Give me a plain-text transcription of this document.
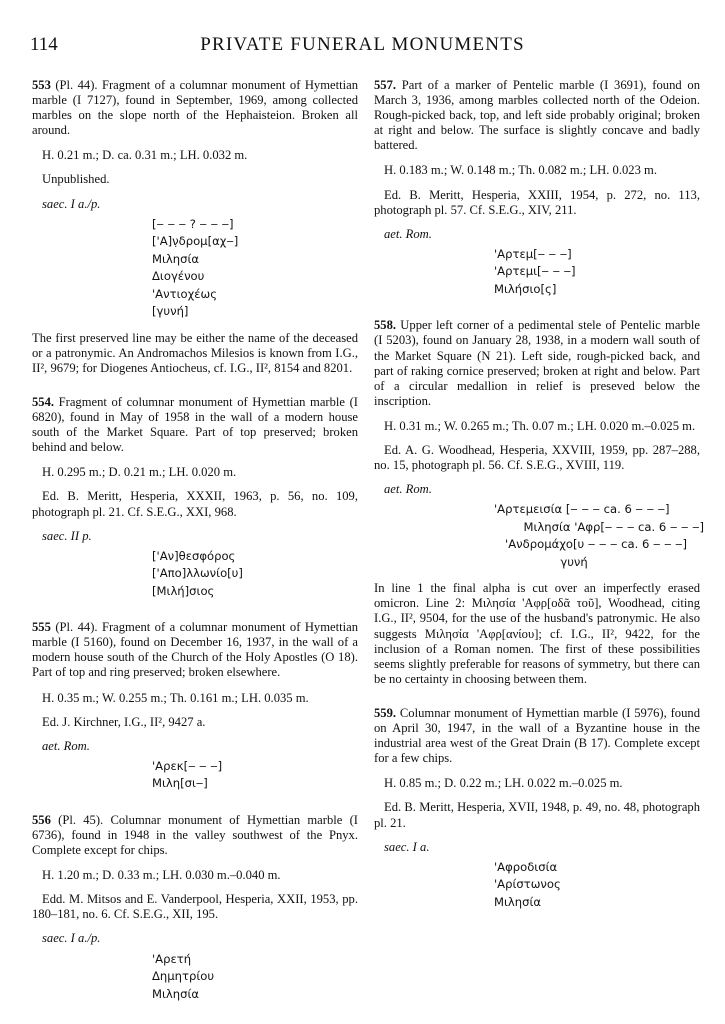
114	PRIVATE FUNERAL MONUMENTS

553 (Pl. 44). Fragment of a columnar monument of Hymettian marble (I 7127), found in September, 1969, among collected marbles on the slope north of the Hephaisteion. Broken all around.

H. 0.21 m.; D. ca. 0.31 m.; LH. 0.032 m.

Unpublished.

saec. I a./p.
[‒ ‒ ‒ ? ‒ ‒ ‒]
['A]ν̣δρομ[αχ‒]
Μιλησία
Διογένου
'Αντιοχέως
[γυνή]

The first preserved line may be either the name of the deceased or a patronymic. An Andromachos Milesios is known from I.G., II², 9679; for Diogenes Antiocheus, cf. I.G., II², 8154 and 8201.

554. Fragment of columnar monument of Hymettian marble (I 6820), found in May of 1958 in the wall of a modern house south of the Market Square. Part of top preserved; broken behind and below.

H. 0.295 m.; D. 0.21 m.; LH. 0.020 m.

Ed. B. Meritt, Hesperia, XXXII, 1963, p. 56, no. 109, photograph pl. 21. Cf. S.E.G., XXI, 968.

saec. II p.
['Aν]θεσφόρος
['Aπο]λλωνίο[υ]
[Μιλή]σιος

555 (Pl. 44). Fragment of a columnar monument of Hymettian marble (I 5160), found on December 16, 1937, in the wall of a modern house south of the Church of the Holy Apostles (O 18). Part of top and ring preserved; broken elsewhere.

H. 0.35 m.; W. 0.255 m.; Th. 0.161 m.; LH. 0.035 m.

Ed. J. Kirchner, I.G., II², 9427 a.

aet. Rom.
'Aρεκ[‒ ‒ ‒]
Μιλη[σι‒]

556 (Pl. 45). Columnar monument of Hymettian marble (I 6736), found in 1948 in the valley southwest of the Pnyx. Complete except for chips.

H. 1.20 m.; D. 0.33 m.; LH. 0.030 m.–0.040 m.

Edd. M. Mitsos and E. Vanderpool, Hesperia, XXII, 1953, pp. 180–181, no. 6. Cf. S.E.G., XII, 195.

saec. I a./p.
'Aρετή
Δημητρίου
Μιλησία

557. Part of a marker of Pentelic marble (I 3691), found on March 3, 1936, among marbles collected north of the Odeion. Rough-picked back, top, and left side probably original; broken at right and below. The surface is slightly concave and badly battered.

H. 0.183 m.; W. 0.148 m.; Th. 0.082 m.; LH. 0.023 m.

Ed. B. Meritt, Hesperia, XXIII, 1954, p. 272, no. 113, photograph pl. 57. Cf. S.E.G., XIV, 211.

aet. Rom.
'Aρτεμ[‒ ‒ ‒]
'Aρτεμι[‒ ‒ ‒]
Μιλήσιο[ς]

558. Upper left corner of a pedimental stele of Pentelic marble (I 5203), found on January 28, 1938, in a modern wall south of the Market Square (N 21). Left side, rough-picked back, and part of raking cornice preserved; broken at right and below. Part of a circular medallion in relief is preseved below the inscription.

H. 0.31 m.; W. 0.265 m.; Th. 0.07 m.; LH. 0.020 m.–0.025 m.

Ed. A. G. Woodhead, Hesperia, XXVIII, 1959, pp. 287–288, no. 15, photograph pl. 56. Cf. S.E.G., XVIII, 119.

aet. Rom.
'Aρτεμεισία [‒ ‒ ‒ ca. 6 ‒ ‒ ‒]
Μιλησία 'Aφρ[‒ ‒ ‒ ca. 6 ‒ ‒ ‒]
'Aνδρομάχο[υ ‒ ‒ ‒ ca. 6 ‒ ‒ ‒]
γυνή

In line 1 the final alpha is cut over an imperfectly erased omicron. Line 2: Μιλησία 'Aφρ[οδᾶ τοῦ], Woodhead, citing I.G., II², 9504, for the use of the husband's patronymic. He also suggests Μιλησία 'Aφρ[ανίου]; cf. I.G., II², 9422, for the inclusion of a Roman nomen. The first of these possibilities seems slightly preferable for reasons of symmetry, but there can be no certainty in choosing between them.

559. Columnar monument of Hymettian marble (I 5976), found on April 30, 1947, in the wall of a Byzantine house in the industrial area west of the Great Drain (B 17). Complete except for a few chips.

H. 0.85 m.; D. 0.22 m.; LH. 0.022 m.–0.025 m.

Ed. B. Meritt, Hesperia, XVII, 1948, p. 49, no. 48, photograph pl. 21.

saec. I a.
'Aφροδισία
'Aρίστωνος
Μιλησία
